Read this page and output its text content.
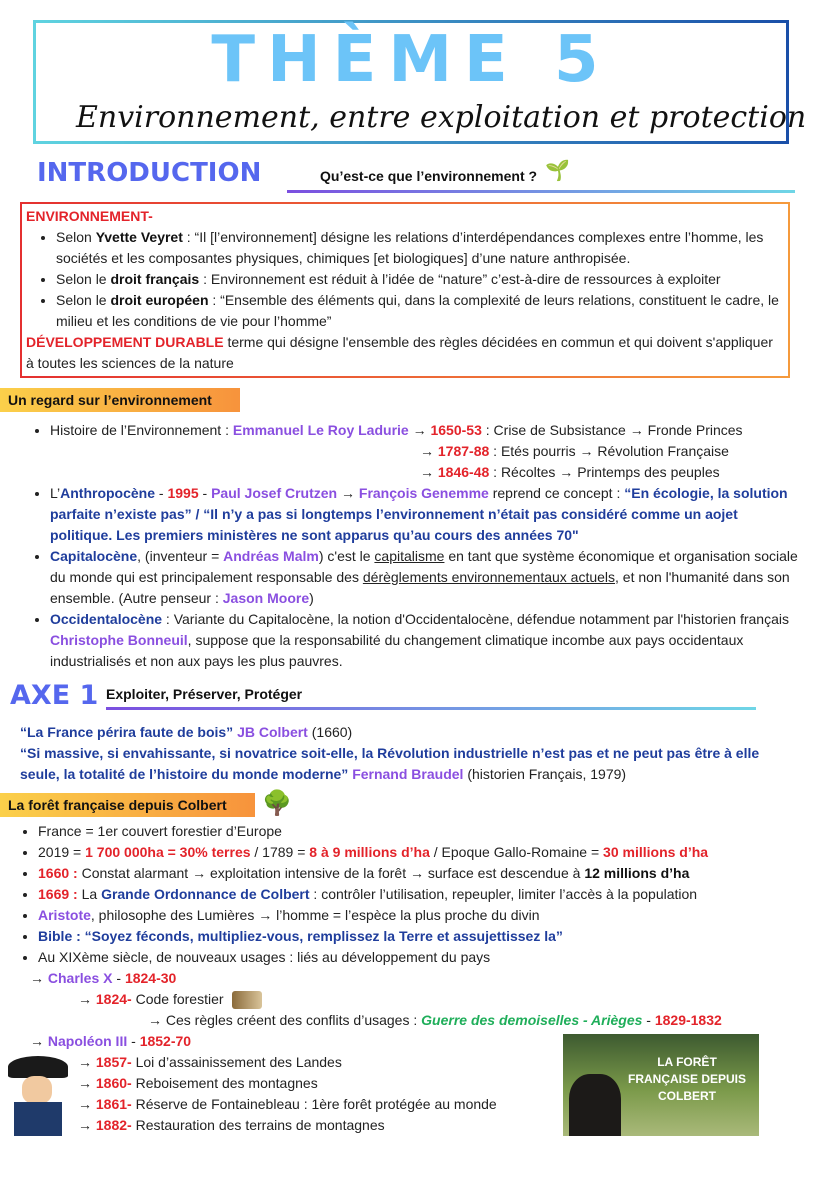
THÈME 5
Environnement, entre exploitation et protection
INTRODUCTION	Qu’est-ce que l’environnement ? 🌱
ENVIRONNEMENT-
• Selon Yvette Veyret : “Il [l’environnement] désigne les relations d’interdépendances complexes entre l’homme, les sociétés et les composantes physiques, chimiques [et biologiques] d’une nature anthropisée.
• Selon le droit français : Environnement est réduit à l’idée de “nature” c’est-à-dire de ressources à exploiter
• Selon le droit européen : “Ensemble des éléments qui, dans la complexité de leurs relations, constituent le cadre, le milieu et les conditions de vie pour l’homme”
DÉVELOPPEMENT DURABLE terme qui désigne l'ensemble des règles décidées en commun et qui doivent s'appliquer à toutes les sciences de la nature
Un regard sur l’environnement
• Histoire de l’Environnement : Emmanuel Le Roy Ladurie → 1650-53 : Crise de Subsistance → Fronde Princes
→ 1787-88 : Etés pourris → Révolution Française
→ 1846-48 : Récoltes → Printemps des peuples
• L’Anthropocène - 1995 - Paul Josef Crutzen → François Genemme reprend ce concept : “En écologie, la solution parfaite n’existe pas” / “Il n’y a pas si longtemps l’environnement n’était pas considéré comme un aojet politique. Les premiers ministères ne sont apparus qu’au cours des années 70"
• Capitalocène, (inventeur = Andréas Malm) c'est le capitalisme en tant que système économique et organisation sociale du monde qui est principalement responsable des dérèglements environnementaux actuels, et non l'humanité dans son ensemble. (Autre penseur : Jason Moore)
• Occidentalocène : Variante du Capitalocène, la notion d'Occidentalocène, défendue notamment par l'historien français Christophe Bonneuil, suppose que la responsabilité du changement climatique incombe aux pays occidentaux industrialisés et non aux pays les plus pauvres.
AXE 1 Exploiter, Préserver, Protéger
“La France périra faute de bois” JB Colbert (1660)
“Si massive, si envahissante, si novatrice soit-elle, la Révolution industrielle n’est pas et ne peut pas être à elle seule, la totalité de l’histoire du monde moderne” Fernand Braudel (historien Français, 1979)
La forêt française depuis Colbert	🌳
• France = 1er couvert forestier d’Europe
• 2019 = 1 700 000ha = 30% terres / 1789 = 8 à 9 millions d’ha / Epoque Gallo-Romaine = 30 millions d’ha
• 1660 : Constat alarmant → exploitation intensive de la forêt → surface est descendue à 12 millions d’ha
• 1669 : La Grande Ordonnance de Colbert : contrôler l’utilisation, repeupler, limiter l’accès à la population
• Aristote, philosophe des Lumières → l’homme = l’espèce la plus proche du divin
• Bible : “Soyez féconds, multipliez-vous, remplissez la Terre et assujettissez la”
• Au XIXème siècle, de nouveaux usages : liés au développement du pays
→ Charles X - 1824-30
→ 1824- Code forestier
→ Ces règles créent des conflits d’usages : Guerre des demoiselles - Arièges - 1829-1832
→ Napoléon III - 1852-70
→ 1857- Loi d’assainissement des Landes
→ 1860- Reboisement des montagnes
→ 1861- Réserve de Fontainebleau : 1ère forêt protégée au monde
→ 1882- Restauration des terrains de montagnes
LA FORÊT FRANÇAISE DEPUIS COLBERT
